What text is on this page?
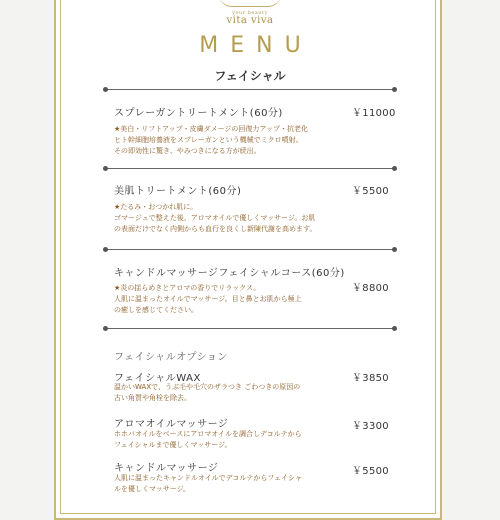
your beauty
vita viva
MENU
フェイシャル
スプレーガントリートメント(60分)	￥11000
★美白・リフトアップ・皮膚ダメージの回復力アップ・抗老化
ヒト幹細胞培養液をスプレーガンという機械でミクロ噴射。
その即効性に驚き、やみつきになる方が続出。
美肌トリートメント(60分)	￥5500
★たるみ・おつかれ肌に。
ゴマージュで整えた後、アロマオイルで優しくマッサージ。お肌
の表面だけでなく内側からも血行を良くし新陳代謝を高めます。
キャンドルマッサージフェイシャルコース(60分)
￥8800
★炎の揺らめきとアロマの香りでリラックス。
人肌に温まったオイルでマッサージ。目と鼻とお肌から極上
の癒しを感じてください。
フェイシャルオプション
フェイシャルWAX	￥3850
温かいWAXで、うぶ毛や毛穴のザラつき ごわつきの原因の
古い角質や角栓を除去。
アロマオイルマッサージ	￥3300
ホホバオイルをベースにアロマオイルを調合しデコルテから
フェイシャルまで優しくマッサージ。
キャンドルマッサージ	￥5500
人肌に温まったキャンドルオイルでデコルテからフェイシャ
ルを優しくマッサージ。
